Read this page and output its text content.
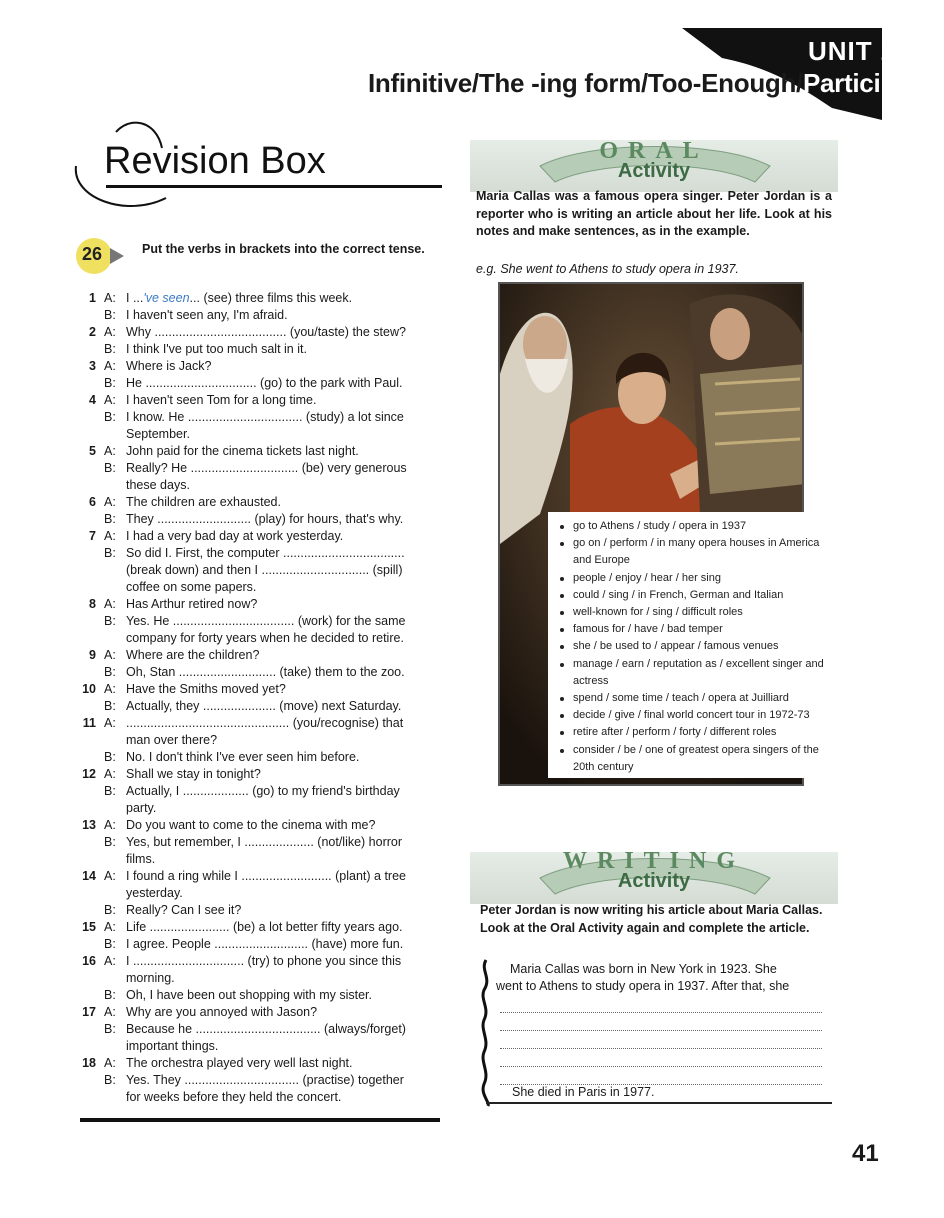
UNIT 2
Infinitive/The -ing form/Too-Enough/Participles
Revision Box
26	Put the verbs in brackets into the correct tense.
1 A: I ...'ve seen... (see) three films this week.
B: I haven't seen any, I'm afraid.
2 A: Why ...................................... (you/taste) the stew?
B: I think I've put too much salt in it.
3 A: Where is Jack?
B: He ................................ (go) to the park with Paul.
4 A: I haven't seen Tom for a long time.
B: I know. He ................................. (study) a lot since
September.
5 A: John paid for the cinema tickets last night.
B: Really? He ............................... (be) very generous
these days.
6 A: The children are exhausted.
B: They ........................... (play) for hours, that's why.
7 A: I had a very bad day at work yesterday.
B: So did I. First, the computer ...................................
(break down) and then I ............................... (spill)
coffee on some papers.
8 A: Has Arthur retired now?
B: Yes. He ................................... (work) for the same
company for forty years when he decided to retire.
9 A: Where are the children?
B: Oh, Stan ............................ (take) them to the zoo.
10 A: Have the Smiths moved yet?
B: Actually, they ..................... (move) next Saturday.
11 A: ............................................... (you/recognise) that
man over there?
B: No. I don't think I've ever seen him before.
12 A: Shall we stay in tonight?
B: Actually, I ................... (go) to my friend's birthday
party.
13 A: Do you want to come to the cinema with me?
B: Yes, but remember, I .................... (not/like) horror
films.
14 A: I found a ring while I .......................... (plant) a tree
yesterday.
B: Really? Can I see it?
15 A: Life ....................... (be) a lot better fifty years ago.
B: I agree. People ........................... (have) more fun.
16 A: I ................................ (try) to phone you since this
morning.
B: Oh, I have been out shopping with my sister.
17 A: Why are you annoyed with Jason?
B: Because he .................................... (always/forget)
important things.
18 A: The orchestra played very well last night.
B: Yes. They ................................. (practise) together
for weeks before they held the concert.
ORAL
Activity
Maria Callas was a famous opera singer. Peter Jordan is a reporter who is writing an article about her life. Look at his notes and make sentences, as in the example.
e.g. She went to Athens to study opera in 1937.
go to Athens / study / opera in 1937
go on / perform / in many opera houses in America and Europe
people / enjoy / hear / her sing
could / sing / in French, German and Italian
well-known for / sing / difficult roles
famous for / have / bad temper
she / be used to / appear / famous venues
manage / earn / reputation as / excellent singer and actress
spend / some time / teach / opera at Juilliard
decide / give / final world concert tour in 1972-73
retire after / perform / forty / different roles
consider / be / one of greatest opera singers of the 20th century
WRITING
Activity
Peter Jordan is now writing his article about Maria Callas. Look at the Oral Activity again and complete the article.
Maria Callas was born in New York in 1923. She
went to Athens to study opera in 1937. After that, she
She died in Paris in 1977.
41
